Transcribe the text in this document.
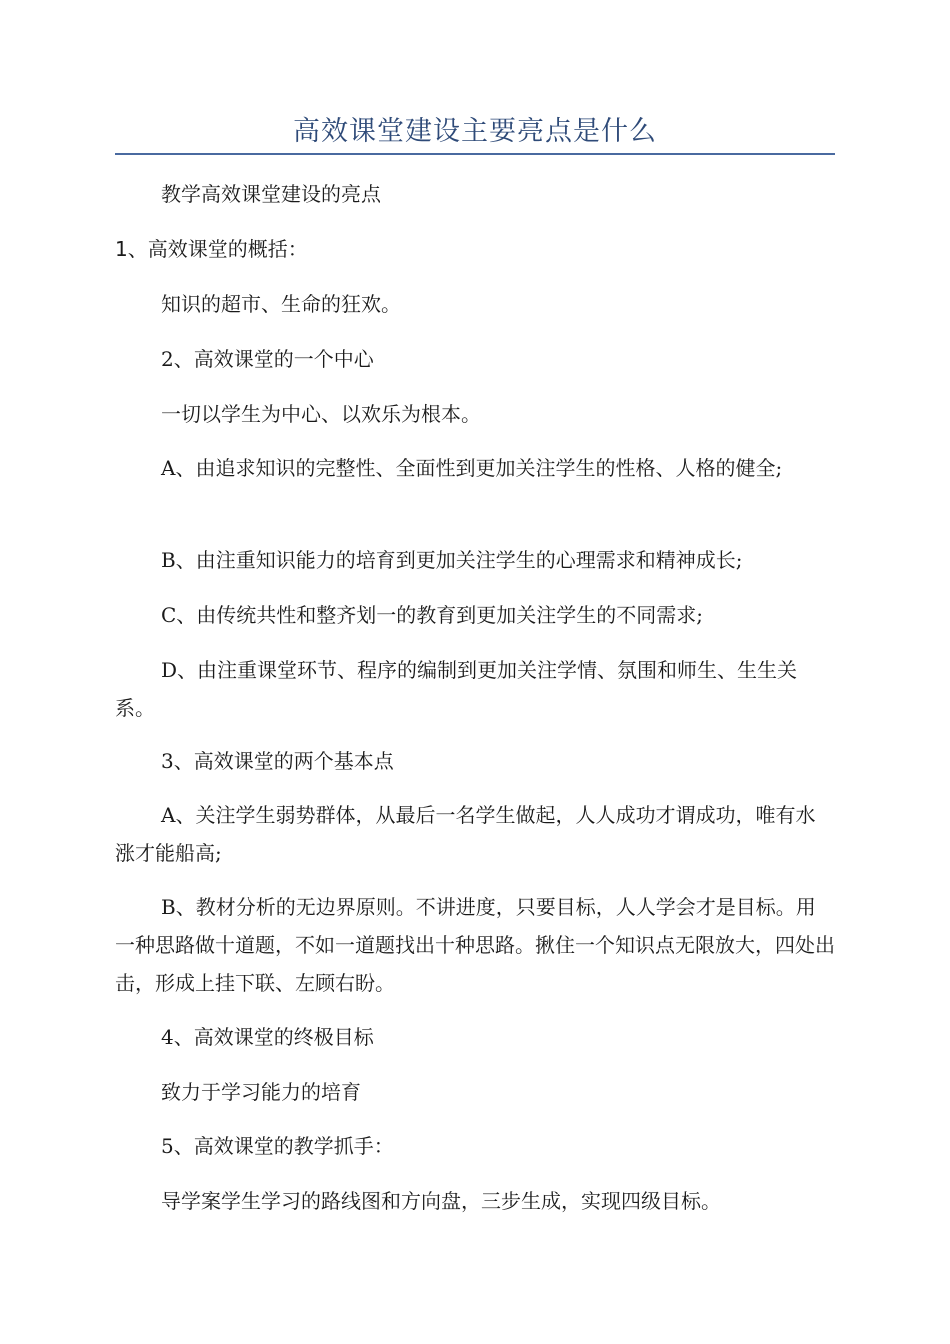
高效课堂建设主要亮点是什么

教学高效课堂建设的亮点

1、高效课堂的概括：

知识的超市、生命的狂欢。

2、高效课堂的一个中心

一切以学生为中心、以欢乐为根本。

A、由追求知识的完整性、全面性到更加关注学生的性格、人格的健全;

B、由注重知识能力的培育到更加关注学生的心理需求和精神成长;

C、由传统共性和整齐划一的教育到更加关注学生的不同需求;

D、由注重课堂环节、程序的编制到更加关注学情、氛围和师生、生生关系。

3、高效课堂的两个基本点

A、关注学生弱势群体，从最后一名学生做起，人人成功才谓成功，唯有水涨才能船高;

B、教材分析的无边界原则。不讲进度，只要目标，人人学会才是目标。用一种思路做十道题，不如一道题找出十种思路。揪住一个知识点无限放大，四处出击，形成上挂下联、左顾右盼。

4、高效课堂的终极目标

致力于学习能力的培育

5、高效课堂的教学抓手：

导学案学生学习的路线图和方向盘，三步生成，实现四级目标。
